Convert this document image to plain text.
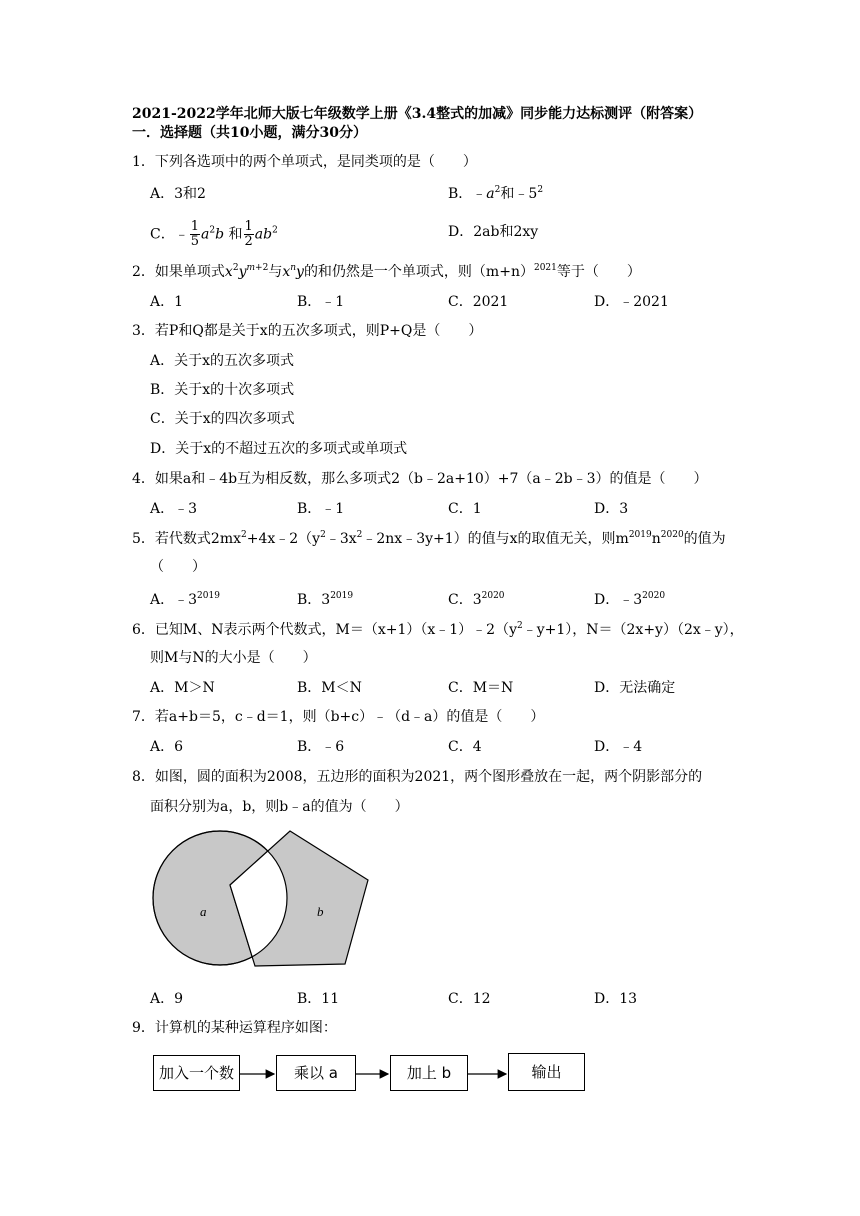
2021-2022学年北师大版七年级数学上册《3.4整式的加减》同步能力达标测评（附答案）
一．选择题（共10小题，满分30分）
1．下列各选项中的两个单项式，是同类项的是（　　）
A．3和2	B．$﹣a^2$和$﹣5^2$
C．﹣ $\frac{1}{5} a^2b$ 和 $\frac{1}{2} ab^2$	D．2ab和2xy
2．如果单项式$x^2y^{m+2}$与$x^ny$的和仍然是一个单项式，则$(m+n)^{2021}$等于（　　）
A．1	B．﹣1	C．2021	D．﹣2021
3．若P和Q都是关于x的五次多项式，则P+Q是（　　）
A．关于x的五次多项式
B．关于x的十次多项式
C．关于x的四次多项式
D．关于x的不超过五次的多项式或单项式
4．如果a和﹣4b互为相反数，那么多项式2（b﹣2a+10）+7（a﹣2b﹣3）的值是（　　）
A．﹣3	B．﹣1	C．1	D．3
5．若代数式$2mx^2+4x﹣2(y^2﹣3x^2﹣2nx﹣3y+1)$的值与x的取值无关，则$m^{2019}n^{2020}$的值为
（　　）
A．$﹣3^{2019}$	B．$3^{2019}$	C．$3^{2020}$	D．$﹣3^{2020}$
6．已知M、N表示两个代数式，$M=(x+1)(x﹣1)﹣2(y^2﹣y+1)$，N＝（2x+y）（2x﹣y），
则M与N的大小是（　　）
A．M＞N	B．M＜N	C．M＝N	D．无法确定
7．若a+b＝5，c﹣d＝1，则（b+c）﹣（d﹣a）的值是（　　）
A．6	B．﹣6	C．4	D．﹣4
8．如图，圆的面积为2008，五边形的面积为2021，两个图形叠放在一起，两个阴影部分的
面积分别为a，b，则b﹣a的值为（　　）
a	b
A．9	B．11	C．12	D．13
9．计算机的某种运算程序如图：
加入一个数	乘以 a	加上 b	输出
